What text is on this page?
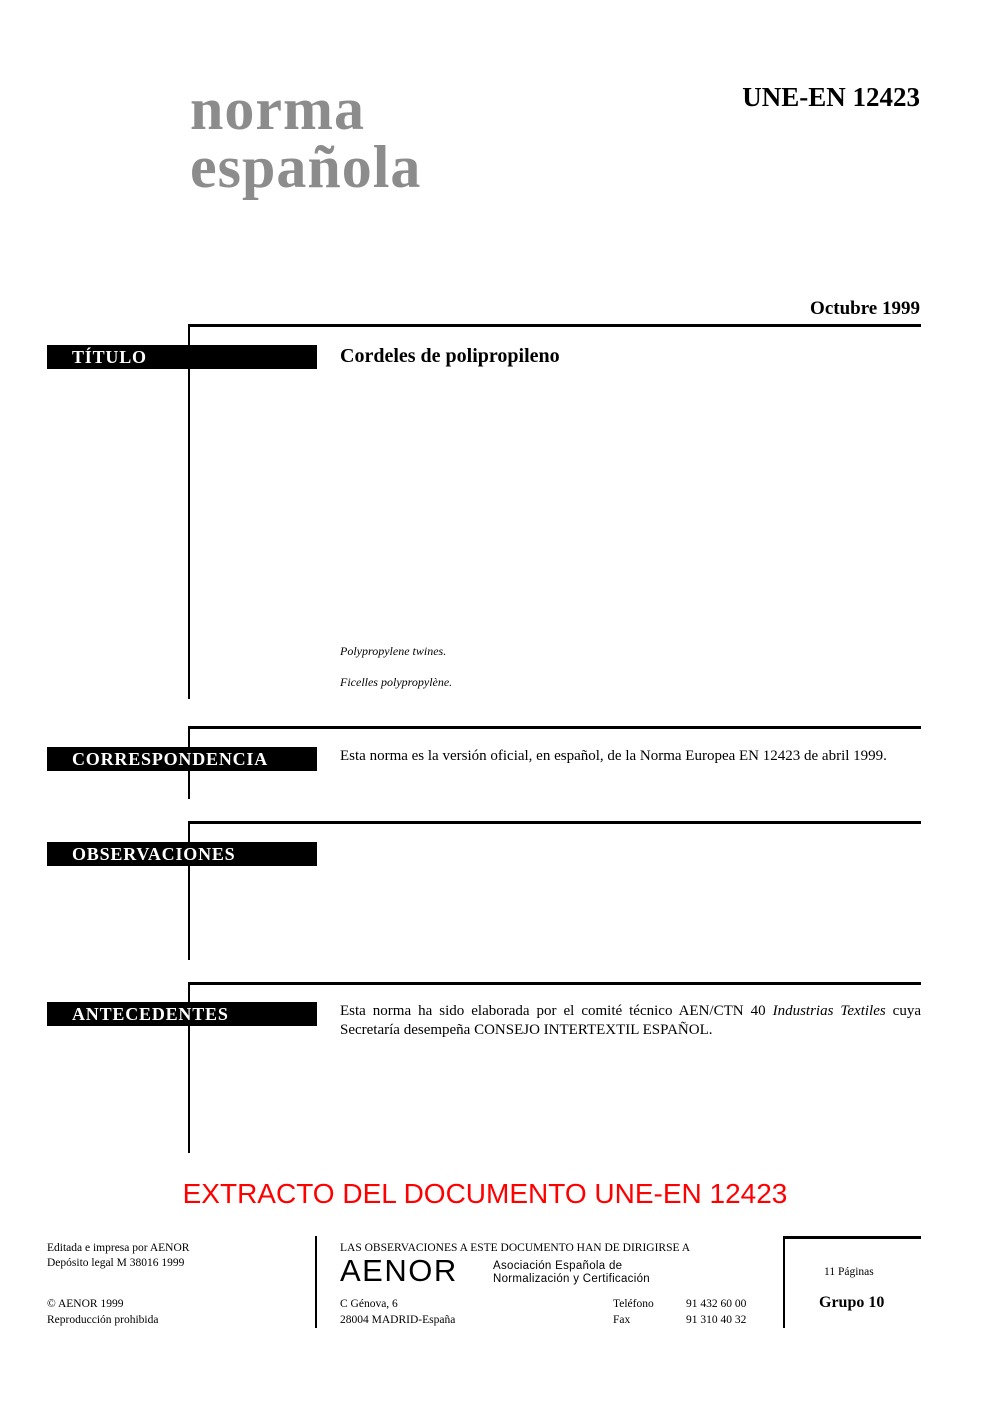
norma
española
UNE-EN 12423
Octubre 1999
TÍTULO	Cordeles de polipropileno
Polypropylene twines.
Ficelles polypropylène.
CORRESPONDENCIA	Esta norma es la versión oficial, en español, de la Norma Europea EN 12423 de abril 1999.
OBSERVACIONES
ANTECEDENTES	Esta norma ha sido elaborada por el comité técnico AEN/CTN 40 Industrias Textiles cuya Secretaría desempeña CONSEJO INTERTEXTIL ESPAÑOL.
EXTRACTO DEL DOCUMENTO UNE-EN 12423
Editada e impresa por AENOR
Depósito legal M 38016 1999
© AENOR 1999
Reproducción prohibida
LAS OBSERVACIONES A ESTE DOCUMENTO HAN DE DIRIGIRSE A
AENOR	Asociación Española de
Normalización y Certificación
C Génova, 6
28004 MADRID-España
Teléfono	91 432 60 00
Fax	91 310 40 32
11 Páginas
Grupo 10
